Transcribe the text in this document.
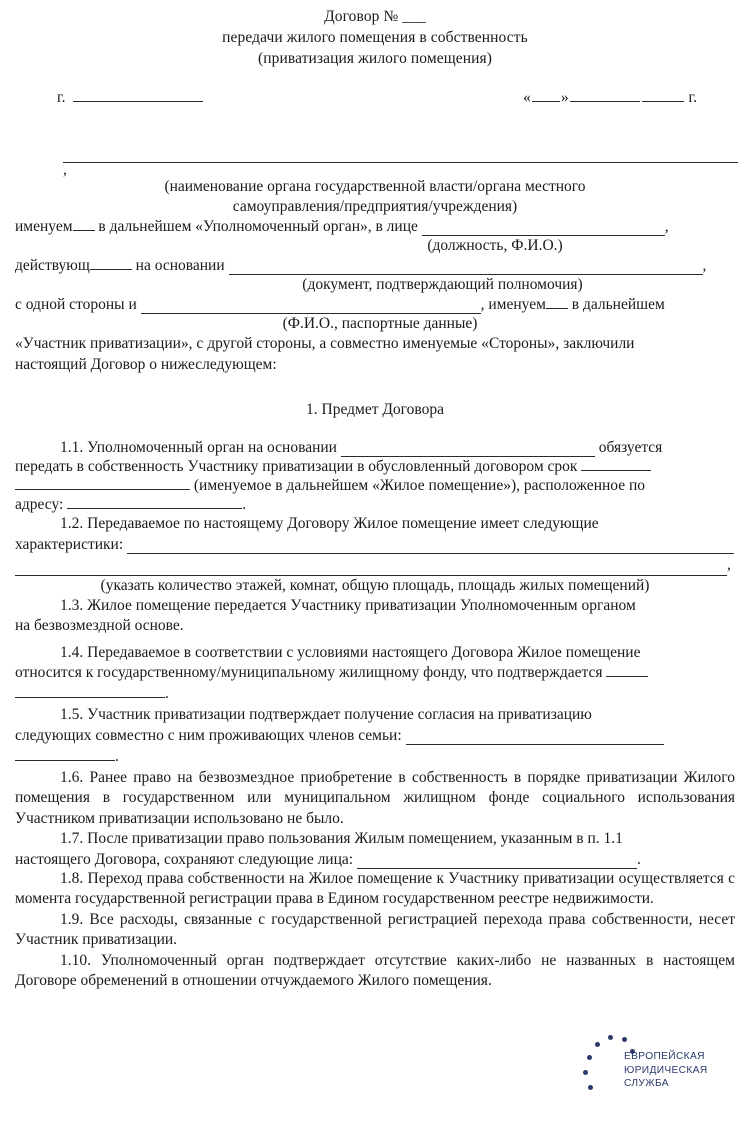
Договор № ___
передачи жилого помещения в собственность
(приватизация жилого помещения)
г.	« »	г.
,
(наименование органа государственной власти/органа местного
самоуправления/предприятия/учреждения)
именуем в дальнейшем «Уполномоченный орган», в лице	,
(должность, Ф.И.О.)
действующ	на основании	,
(документ, подтверждающий полномочия)
с одной стороны и	, именуем в дальнейшем
(Ф.И.О., паспортные данные)
«Участник приватизации», с другой стороны, а совместно именуемые «Стороны», заключили
настоящий Договор о нижеследующем:
1. Предмет Договора
1.1. Уполномоченный орган на основании	обязуется
передать в собственность Участнику приватизации в обусловленный договором срок
(именуемое в дальнейшем «Жилое помещение»), расположенное по
адресу:	.
1.2. Передаваемое по настоящему Договору Жилое помещение имеет следующие
характеристики:
,
(указать количество этажей, комнат, общую площадь, площадь жилых помещений)
1.3. Жилое помещение передается Участнику приватизации Уполномоченным органом
на безвозмездной основе.
1.4. Передаваемое в соответствии с условиями настоящего Договора Жилое помещение
относится к государственному/муниципальному жилищному фонду, что подтверждается
.
1.5. Участник приватизации подтверждает получение согласия на приватизацию
следующих совместно с ним проживающих членов семьи:
.
1.6. Ранее право на безвозмездное приобретение в собственность в порядке приватизации Жилого помещения в государственном или муниципальном жилищном фонде социального использования Участником приватизации использовано не было.
1.7. После приватизации право пользования Жилым помещением, указанным в п. 1.1
настоящего Договора, сохраняют следующие лица:	.
1.8. Переход права собственности на Жилое помещение к Участнику приватизации осуществляется с момента государственной регистрации права в Едином государственном реестре недвижимости.
1.9. Все расходы, связанные с государственной регистрацией перехода права собственности, несет Участник приватизации.
1.10. Уполномоченный орган подтверждает отсутствие каких-либо не названных в настоящем Договоре обременений в отношении отчуждаемого Жилого помещения.
ЕВРОПЕЙСКАЯ
ЮРИДИЧЕСКАЯ
СЛУЖБА
